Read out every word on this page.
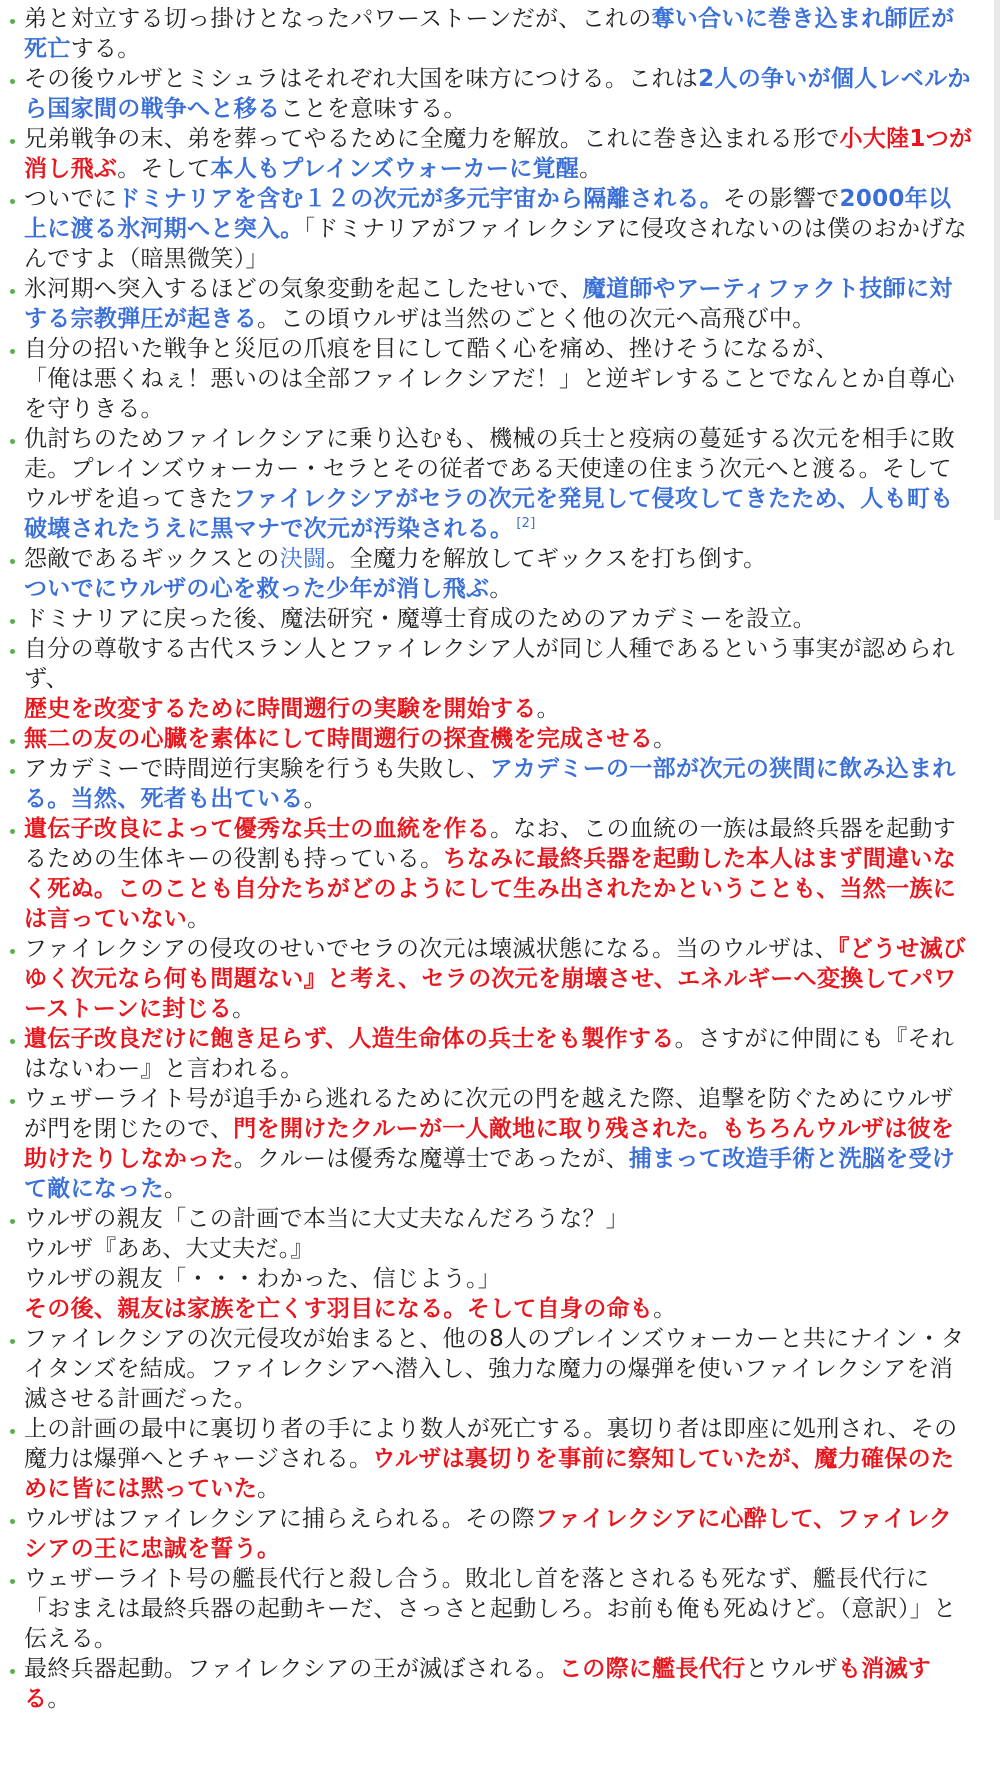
弟と対立する切っ掛けとなったパワーストーンだが、これの奪い合いに巻き込まれ師匠が死亡する。
その後ウルザとミシュラはそれぞれ大国を味方につける。これは2人の争いが個人レベルから国家間の戦争へと移ることを意味する。
兄弟戦争の末、弟を葬ってやるために全魔力を解放。これに巻き込まれる形で小大陸1つが消し飛ぶ。そして本人もプレインズウォーカーに覚醒。
ついでにドミナリアを含む１２の次元が多元宇宙から隔離される。その影響で2000年以上に渡る氷河期へと突入。「ドミナリアがファイレクシアに侵攻されないのは僕のおかげなんですよ（暗黒微笑）」
氷河期へ突入するほどの気象変動を起こしたせいで、魔道師やアーティファクト技師に対する宗教弾圧が起きる。この頃ウルザは当然のごとく他の次元へ高飛び中。
自分の招いた戦争と災厄の爪痕を目にして酷く心を痛め、挫けそうになるが、
「俺は悪くねぇ！悪いのは全部ファイレクシアだ！」と逆ギレすることでなんとか自尊心を守りきる。
仇討ちのためファイレクシアに乗り込むも、機械の兵士と疫病の蔓延する次元を相手に敗走。プレインズウォーカー・セラとその従者である天使達の住まう次元へと渡る。そしてウルザを追ってきたファイレクシアがセラの次元を発見して侵攻してきたため、人も町も破壊されたうえに黒マナで次元が汚染される。 [2]
怨敵であるギックスとの決闘。全魔力を解放してギックスを打ち倒す。
ついでにウルザの心を救った少年が消し飛ぶ。
ドミナリアに戻った後、魔法研究・魔導士育成のためのアカデミーを設立。
自分の尊敬する古代スラン人とファイレクシア人が同じ人種であるという事実が認められず、
歴史を改変するために時間遡行の実験を開始する。
無二の友の心臓を素体にして時間遡行の探査機を完成させる。
アカデミーで時間逆行実験を行うも失敗し、アカデミーの一部が次元の狭間に飲み込まれる。当然、死者も出ている。
遺伝子改良によって優秀な兵士の血統を作る。なお、この血統の一族は最終兵器を起動するための生体キーの役割も持っている。ちなみに最終兵器を起動した本人はまず間違いなく死ぬ。このことも自分たちがどのようにして生み出されたかということも、当然一族には言っていない。
ファイレクシアの侵攻のせいでセラの次元は壊滅状態になる。当のウルザは、『どうせ滅びゆく次元なら何も問題ない』と考え、セラの次元を崩壊させ、エネルギーへ変換してパワーストーンに封じる。
遺伝子改良だけに飽き足らず、人造生命体の兵士をも製作する。さすがに仲間にも『それはないわー』と言われる。
ウェザーライト号が追手から逃れるために次元の門を越えた際、追撃を防ぐためにウルザが門を閉じたので、門を開けたクルーが一人敵地に取り残された。もちろんウルザは彼を助けたりしなかった。クルーは優秀な魔導士であったが、捕まって改造手術と洗脳を受けて敵になった。
ウルザの親友「この計画で本当に大丈夫なんだろうな？」
ウルザ『ああ、大丈夫だ。』
ウルザの親友「・・・わかった、信じよう。」
その後、親友は家族を亡くす羽目になる。そして自身の命も。
ファイレクシアの次元侵攻が始まると、他の8人のプレインズウォーカーと共にナイン・タイタンズを結成。ファイレクシアへ潜入し、強力な魔力の爆弾を使いファイレクシアを消滅させる計画だった。
上の計画の最中に裏切り者の手により数人が死亡する。裏切り者は即座に処刑され、その魔力は爆弾へとチャージされる。ウルザは裏切りを事前に察知していたが、魔力確保のために皆には黙っていた。
ウルザはファイレクシアに捕らえられる。その際ファイレクシアに心酔して、ファイレクシアの王に忠誠を誓う。
ウェザーライト号の艦長代行と殺し合う。敗北し首を落とされるも死なず、艦長代行に「おまえは最終兵器の起動キーだ、さっさと起動しろ。お前も俺も死ぬけど。（意訳）」と伝える。
最終兵器起動。ファイレクシアの王が滅ぼされる。この際に艦長代行とウルザも消滅する。
